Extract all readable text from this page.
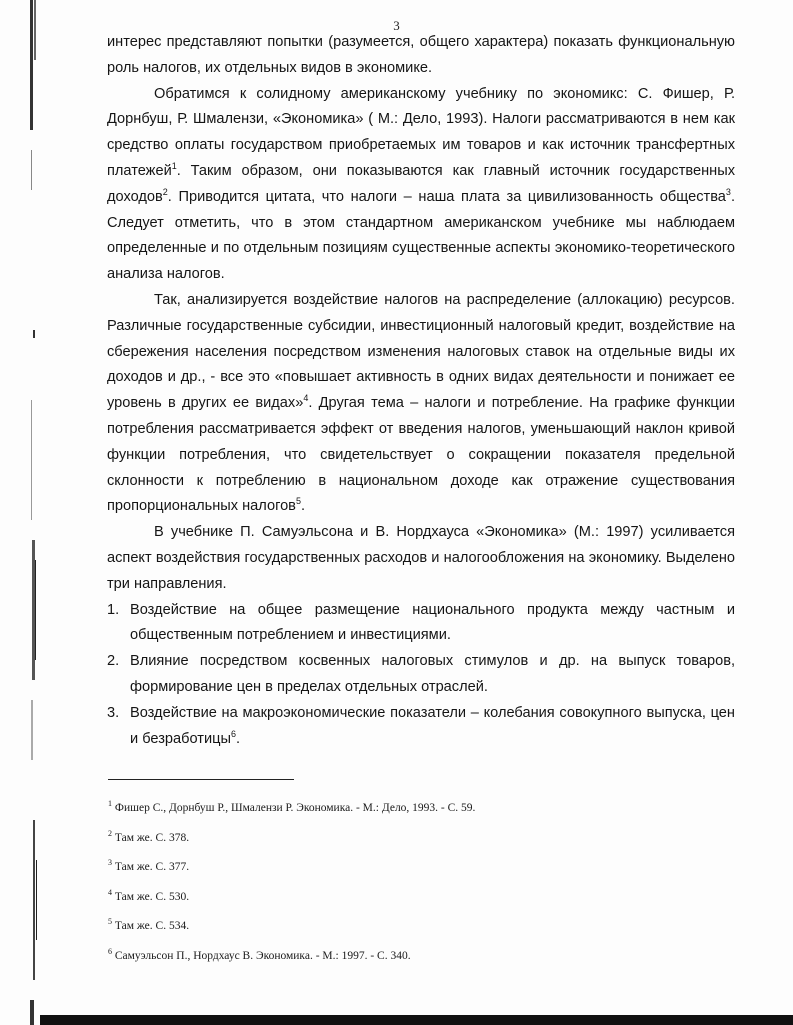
3

интерес представляют попытки (разумеется, общего характера) показать функциональную роль налогов, их отдельных видов в экономике.

Обратимся к солидному американскому учебнику по экономикс: С. Фишер, Р. Дорнбуш, Р. Шмалензи, «Экономика» ( М.: Дело, 1993). Налоги рассматриваются в нем как средство оплаты государством приобретаемых им товаров и как источник трансфертных платежей$^1$. Таким образом, они показываются как главный источник государственных доходов$^2$. Приводится цитата, что налоги – наша плата за цивилизованность общества$^3$. Следует отметить, что в этом стандартном американском учебнике мы наблюдаем определенные и по отдельным позициям существенные аспекты экономико-теоретического анализа налогов.

Так, анализируется воздействие налогов на распределение (аллокацию) ресурсов. Различные государственные субсидии, инвестиционный налоговый кредит, воздействие на сбережения населения посредством изменения налоговых ставок на отдельные виды их доходов и др., - все это «повышает активность в одних видах деятельности и понижает ее уровень в других ее видах»$^4$. Другая тема – налоги и потребление. На графике функции потребления рассматривается эффект от введения налогов, уменьшающий наклон кривой функции потребления, что свидетельствует о сокращении показателя предельной склонности к потреблению в национальном доходе как отражение существования пропорциональных налогов$^5$.

В учебнике П. Самуэльсона и В. Нордхауса «Экономика» (М.: 1997) усиливается аспект воздействия государственных расходов и налогообложения на экономику. Выделено три направления.

1. Воздействие на общее размещение национального продукта между частным и общественным потреблением и инвестициями.
2. Влияние посредством косвенных налоговых стимулов и др. на выпуск товаров, формирование цен в пределах отдельных отраслей.
3. Воздействие на макроэкономические показатели – колебания совокупного выпуска, цен и безработицы$^6$.
$^1$ Фишер С., Дорнбуш Р., Шмалензи Р. Экономика. - М.: Дело, 1993. - С. 59.
$^2$ Там же. С. 378.
$^3$ Там же. С. 377.
$^4$ Там же. С. 530.
$^5$ Там же. С. 534.
$^6$ Самуэльсон П., Нордхаус В. Экономика. - М.: 1997. - С. 340.
